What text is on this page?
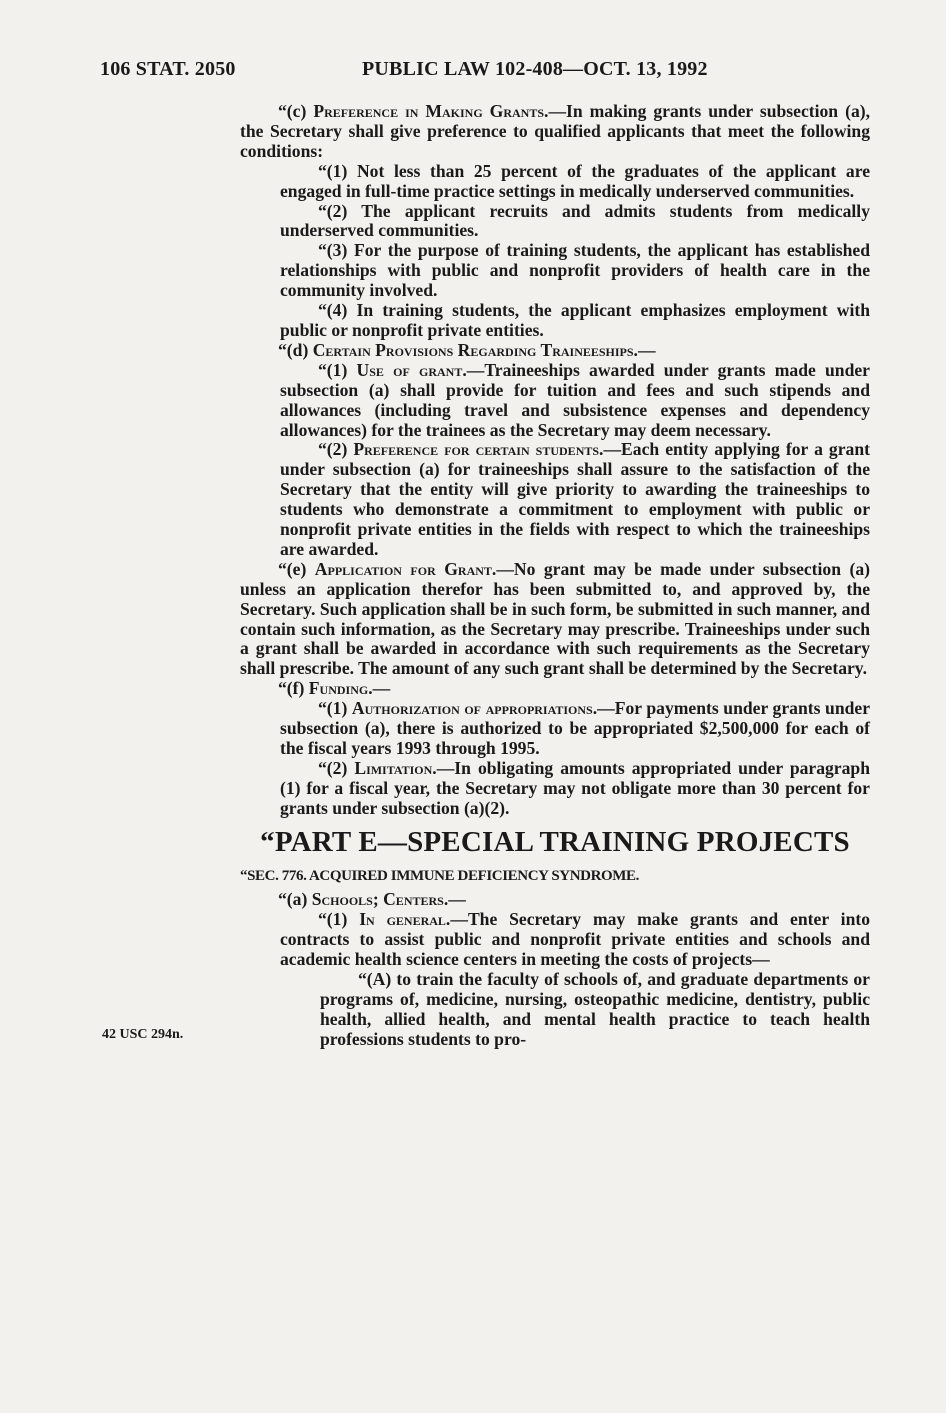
106 STAT. 2050	PUBLIC LAW 102-408—OCT. 13, 1992
42 USC 294n.

“(c) Preference in Making Grants.—In making grants under subsection (a), the Secretary shall give preference to qualified applicants that meet the following conditions:

“(1) Not less than 25 percent of the graduates of the applicant are engaged in full-time practice settings in medically underserved communities.

“(2) The applicant recruits and admits students from medically underserved communities.

“(3) For the purpose of training students, the applicant has established relationships with public and nonprofit providers of health care in the community involved.

“(4) In training students, the applicant emphasizes employment with public or nonprofit private entities.

“(d) Certain Provisions Regarding Traineeships.—

“(1) Use of grant.—Traineeships awarded under grants made under subsection (a) shall provide for tuition and fees and such stipends and allowances (including travel and subsistence expenses and dependency allowances) for the trainees as the Secretary may deem necessary.

“(2) Preference for certain students.—Each entity applying for a grant under subsection (a) for traineeships shall assure to the satisfaction of the Secretary that the entity will give priority to awarding the traineeships to students who demonstrate a commitment to employment with public or nonprofit private entities in the fields with respect to which the traineeships are awarded.

“(e) Application for Grant.—No grant may be made under subsection (a) unless an application therefor has been submitted to, and approved by, the Secretary. Such application shall be in such form, be submitted in such manner, and contain such information, as the Secretary may prescribe. Traineeships under such a grant shall be awarded in accordance with such requirements as the Secretary shall prescribe. The amount of any such grant shall be determined by the Secretary.

“(f) Funding.—

“(1) Authorization of appropriations.—For payments under grants under subsection (a), there is authorized to be appropriated $2,500,000 for each of the fiscal years 1993 through 1995.

“(2) Limitation.—In obligating amounts appropriated under paragraph (1) for a fiscal year, the Secretary may not obligate more than 30 percent for grants under subsection (a)(2).

“PART E—SPECIAL TRAINING PROJECTS
“SEC. 776. ACQUIRED IMMUNE DEFICIENCY SYNDROME.

“(a) Schools; Centers.—

“(1) In general.—The Secretary may make grants and enter into contracts to assist public and nonprofit private entities and schools and academic health science centers in meeting the costs of projects—

“(A) to train the faculty of schools of, and graduate departments or programs of, medicine, nursing, osteopathic medicine, dentistry, public health, allied health, and mental health practice to teach health professions students to pro-
